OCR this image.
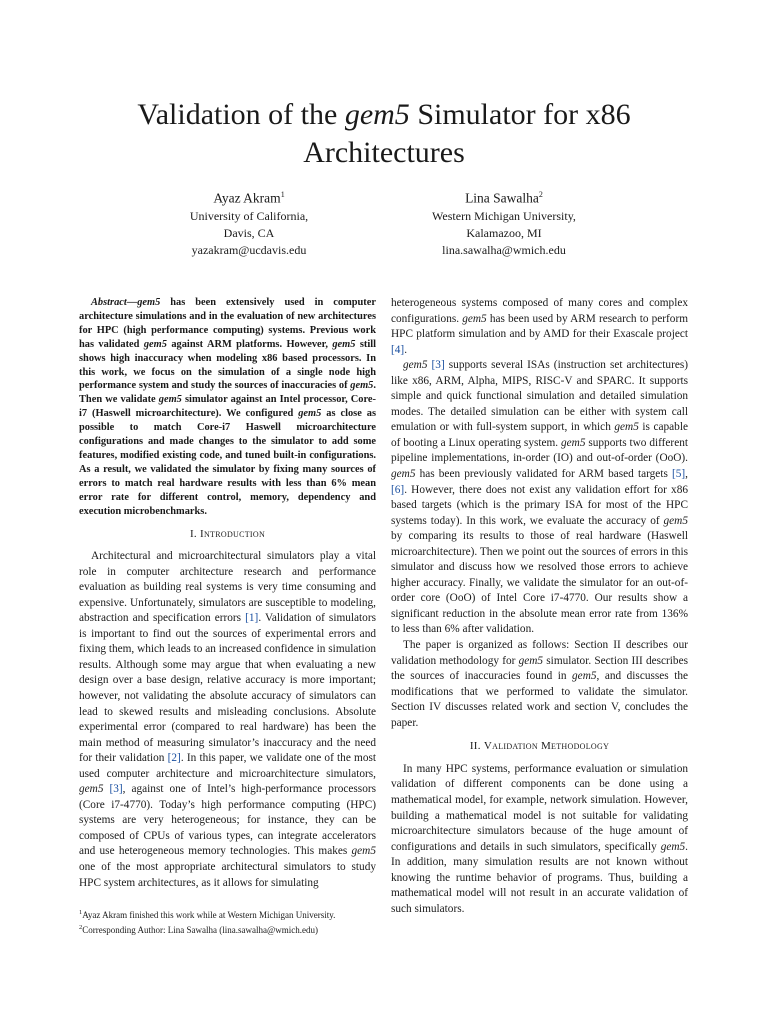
Validation of the gem5 Simulator for x86 Architectures
Ayaz Akram$^1$
University of California,
Davis, CA
yazakram@ucdavis.edu
Lina Sawalha$^2$
Western Michigan University,
Kalamazoo, MI
lina.sawalha@wmich.edu

Abstract—gem5 has been extensively used in computer architecture simulations and in the evaluation of new architectures for HPC (high performance computing) systems. Previous work has validated gem5 against ARM platforms. However, gem5 still shows high inaccuracy when modeling x86 based processors. In this work, we focus on the simulation of a single node high performance system and study the sources of inaccuracies of gem5. Then we validate gem5 simulator against an Intel processor, Core-i7 (Haswell microarchitecture). We configured gem5 as close as possible to match Core-i7 Haswell microarchitecture configurations and made changes to the simulator to add some features, modified existing code, and tuned built-in configurations. As a result, we validated the simulator by fixing many sources of errors to match real hardware results with less than 6% mean error rate for different control, memory, dependency and execution microbenchmarks.

I. Introduction

Architectural and microarchitectural simulators play a vital role in computer architecture research and performance evaluation as building real systems is very time consuming and expensive. Unfortunately, simulators are susceptible to modeling, abstraction and specification errors [1]. Validation of simulators is important to find out the sources of experimental errors and fixing them, which leads to an increased confidence in simulation results. Although some may argue that when evaluating a new design over a base design, relative accuracy is more important; however, not validating the absolute accuracy of simulators can lead to skewed results and misleading conclusions. Absolute experimental error (compared to real hardware) has been the main method of measuring simulator’s inaccuracy and the need for their validation [2]. In this paper, we validate one of the most used computer architecture and microarchitecture simulators, gem5 [3], against one of Intel’s high-performance processors (Core i7-4770). Today’s high performance computing (HPC) systems are very heterogeneous; for instance, they can be composed of CPUs of various types, can integrate accelerators and use heterogeneous memory technologies. This makes gem5 one of the most appropriate architectural simulators to study HPC system architectures, as it allows for simulating

$^1$Ayaz Akram finished this work while at Western Michigan University.
$^2$Corresponding Author: Lina Sawalha (lina.sawalha@wmich.edu)

heterogeneous systems composed of many cores and complex configurations. gem5 has been used by ARM research to perform HPC platform simulation and by AMD for their Exascale project [4].

gem5 [3] supports several ISAs (instruction set architectures) like x86, ARM, Alpha, MIPS, RISC-V and SPARC. It supports simple and quick functional simulation and detailed simulation modes. The detailed simulation can be either with system call emulation or with full-system support, in which gem5 is capable of booting a Linux operating system. gem5 supports two different pipeline implementations, in-order (IO) and out-of-order (OoO). gem5 has been previously validated for ARM based targets [5], [6]. However, there does not exist any validation effort for x86 based targets (which is the primary ISA for most of the HPC systems today). In this work, we evaluate the accuracy of gem5 by comparing its results to those of real hardware (Haswell microarchitecture). Then we point out the sources of errors in this simulator and discuss how we resolved those errors to achieve higher accuracy. Finally, we validate the simulator for an out-of-order core (OoO) of Intel Core i7-4770. Our results show a significant reduction in the absolute mean error rate from 136% to less than 6% after validation.

The paper is organized as follows: Section II describes our validation methodology for gem5 simulator. Section III describes the sources of inaccuracies found in gem5, and discusses the modifications that we performed to validate the simulator. Section IV discusses related work and section V, concludes the paper.

II. Validation Methodology

In many HPC systems, performance evaluation or simulation validation of different components can be done using a mathematical model, for example, network simulation. However, building a mathematical model is not suitable for validating microarchitecture simulators because of the huge amount of configurations and details in such simulators, specifically gem5. In addition, many simulation results are not known without knowing the runtime behavior of programs. Thus, building a mathematical model will not result in an accurate validation of such simulators.
